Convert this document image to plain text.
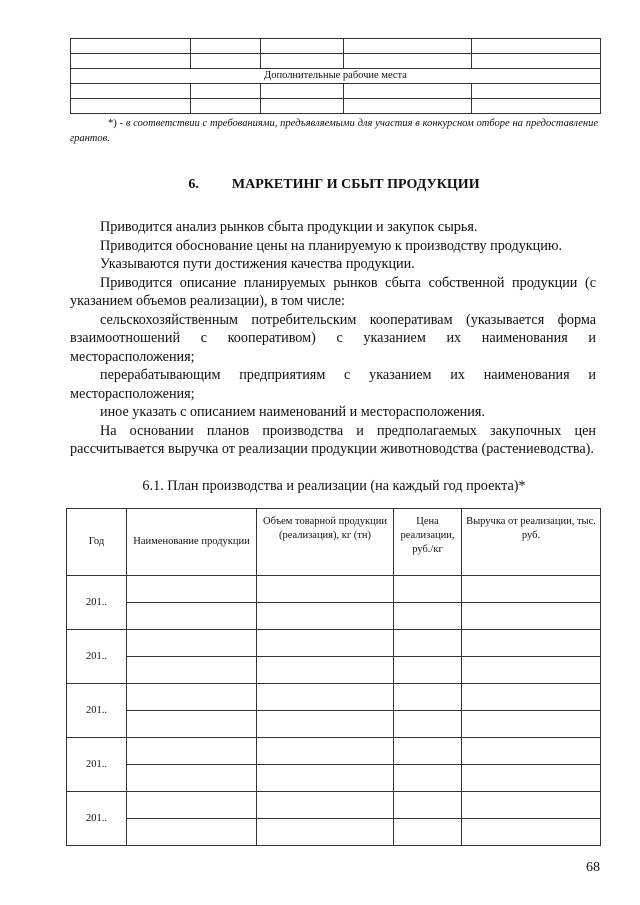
Дополнительные рабочие места				

*) - в соответствии с требованиями, предъявляемыми для участия в конкурсном отборе на предоставление грантов.
6. МАРКЕТИНГ И СБЫТ ПРОДУКЦИИ

Приводится анализ рынков сбыта продукции и закупок сырья.

Приводится обоснование цены на планируемую к производству продукцию.

Указываются пути достижения качества продукции.

Приводится описание планируемых рынков сбыта собственной продукции (с указанием объемов реализации), в том числе:

сельскохозяйственным потребительским кооперативам (указывается форма взаимоотношений с кооперативом) с указанием их наименования и месторасположения;

перерабатывающим предприятиям с указанием их наименования и месторасположения;

иное указать с описанием наименований и месторасположения.

На основании планов производства и предполагаемых закупочных цен рассчитывается выручка от реализации продукции животноводства (растениеводства).

6.1. План производства и реализации (на каждый год проекта)*
Год	Наименование продукции	Объем товарной продукции (реализация), кг (тн)	Цена реализации, руб./кг	Выручка от реализации, тыс. руб.
201..				

201..				

201..				

201..				

201..				

68
